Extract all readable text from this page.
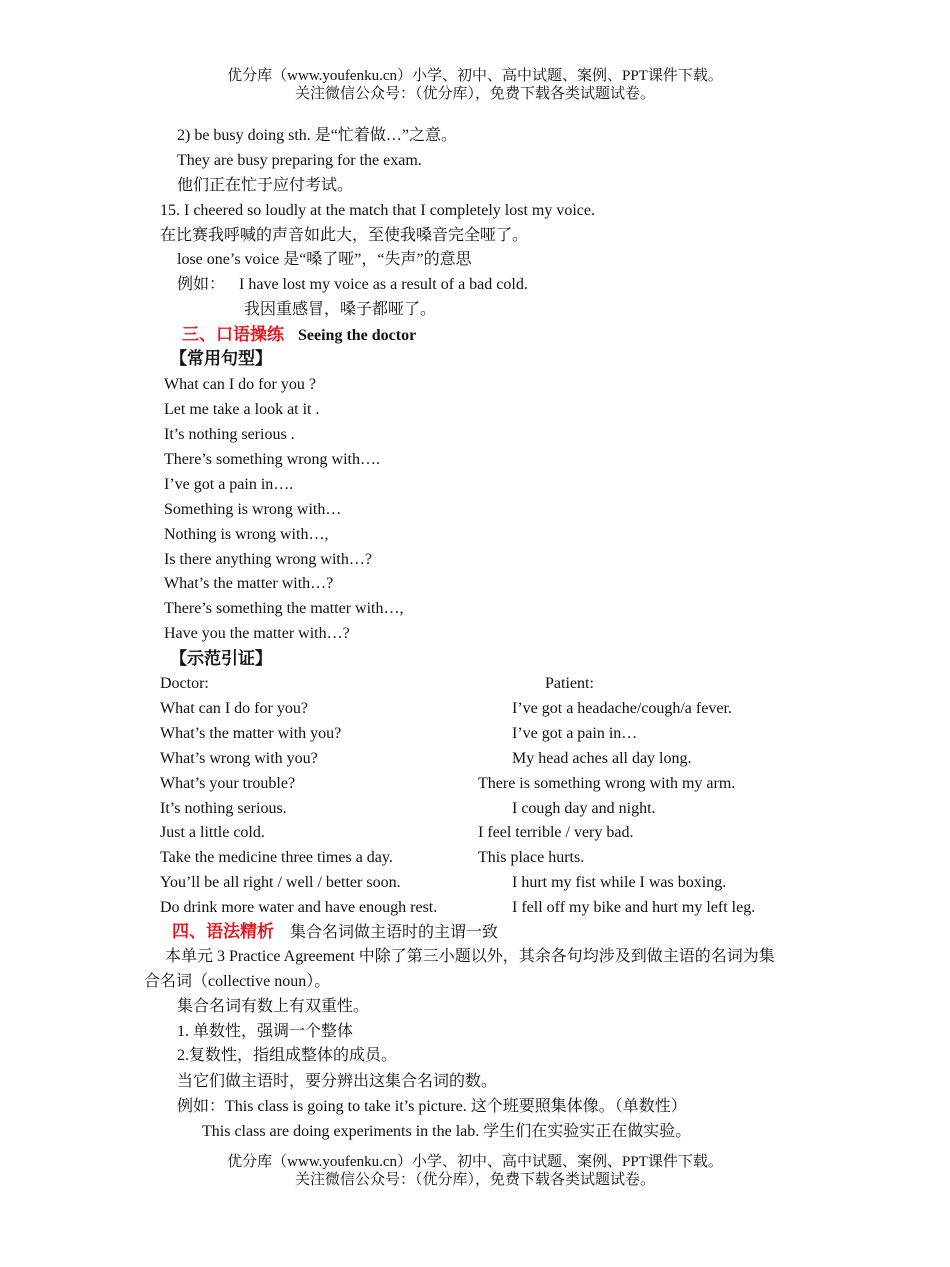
优分库（www.youfenku.cn）小学、初中、高中试题、案例、PPT课件下载。
关注微信公众号：（优分库），免费下载各类试题试卷。
2) be busy doing sth. 是“忙着做…”之意。
They are busy preparing for the exam.
他们正在忙于应付考试。
15. I cheered so loudly at the match that I completely lost my voice.
在比赛我呼喊的声音如此大，至使我嗓音完全哑了。
lose one’s voice 是“嗓了哑”，“失声”的意思
例如： I have lost my voice as a result of a bad cold.
我因重感冒，嗓子都哑了。
三、口语操练 Seeing the doctor
【常用句型】
What can I do for you ?
Let me take a look at it .
It’s nothing serious .
There’s something wrong with….
I’ve got a pain in….
Something is wrong with…
Nothing is wrong with…,
Is there anything wrong with…?
What’s the matter with…?
There’s something the matter with…,
Have you the matter with…?
【示范引证】
Doctor:	Patient:
What can I do for you?	I’ve got a headache/cough/a fever.
What’s the matter with you?	I’ve got a pain in…
What’s wrong with you?	My head aches all day long.
What’s your trouble?	There is something wrong with my arm.
It’s nothing serious.	I cough day and night.
Just a little cold.	I feel terrible / very bad.
Take the medicine three times a day.	This place hurts.
You’ll be all right / well / better soon.	I hurt my fist while I was boxing.
Do drink more water and have enough rest.	I fell off my bike and hurt my left leg.
四、语法精析 集合名词做主语时的主谓一致
本单元 3 Practice Agreement 中除了第三小题以外，其余各句均涉及到做主语的名词为集
合名词（collective noun）。
集合名词有数上有双重性。
1. 单数性，强调一个整体
2.复数性，指组成整体的成员。
当它们做主语时，要分辨出这集合名词的数。
例如：This class is going to take it’s picture. 这个班要照集体像。（单数性）
This class are doing experiments in the lab. 学生们在实验实正在做实验。
优分库（www.youfenku.cn）小学、初中、高中试题、案例、PPT课件下载。
关注微信公众号：（优分库），免费下载各类试题试卷。
